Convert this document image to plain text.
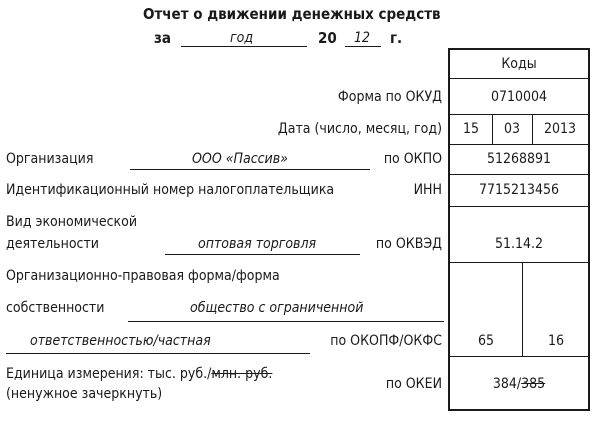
Отчет о движении денежных средств
за	год	20 12 г.
Коды
Форма по ОКУД	0710004
Дата (число, месяц, год)	15	03	2013
Организация	ООО «Пассив»	по ОКПО	51268891
Идентификационный номер налогоплательщика	ИНН	7715213456
Вид экономической
деятельности	оптовая торговля	по ОКВЭД	51.14.2
Организационно-правовая форма/форма
собственности	общество с ограниченной
ответственностью/частная	по ОКОПФ/ОКФС	65	16
Единица измерения: тыс. руб./млн. руб.
(ненужное зачеркнуть)
по ОКЕИ	384/385
